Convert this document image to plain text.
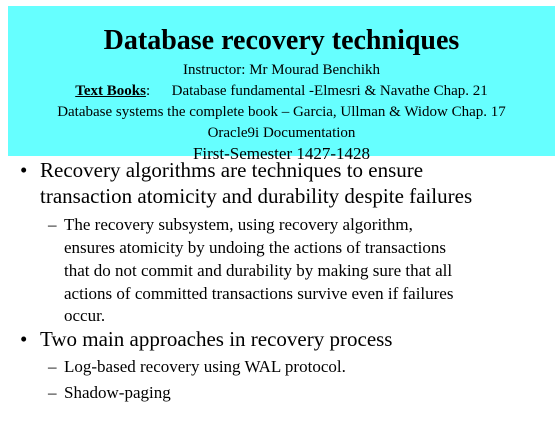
Database recovery techniques
Instructor: Mr Mourad Benchikh
Text Books: Database fundamental -Elmesri & Navathe Chap. 21
Database systems the complete book – Garcia, Ullman & Widow Chap. 17
Oracle9i Documentation
First-Semester 1427-1428
• Recovery algorithms are techniques to ensure
transaction atomicity and durability despite failures
– The recovery subsystem, using recovery algorithm,
ensures atomicity by undoing the actions of transactions
that do not commit and durability by making sure that all
actions of committed transactions survive even if failures
occur.
• Two main approaches in recovery process
– Log-based recovery using WAL protocol.
– Shadow-paging
